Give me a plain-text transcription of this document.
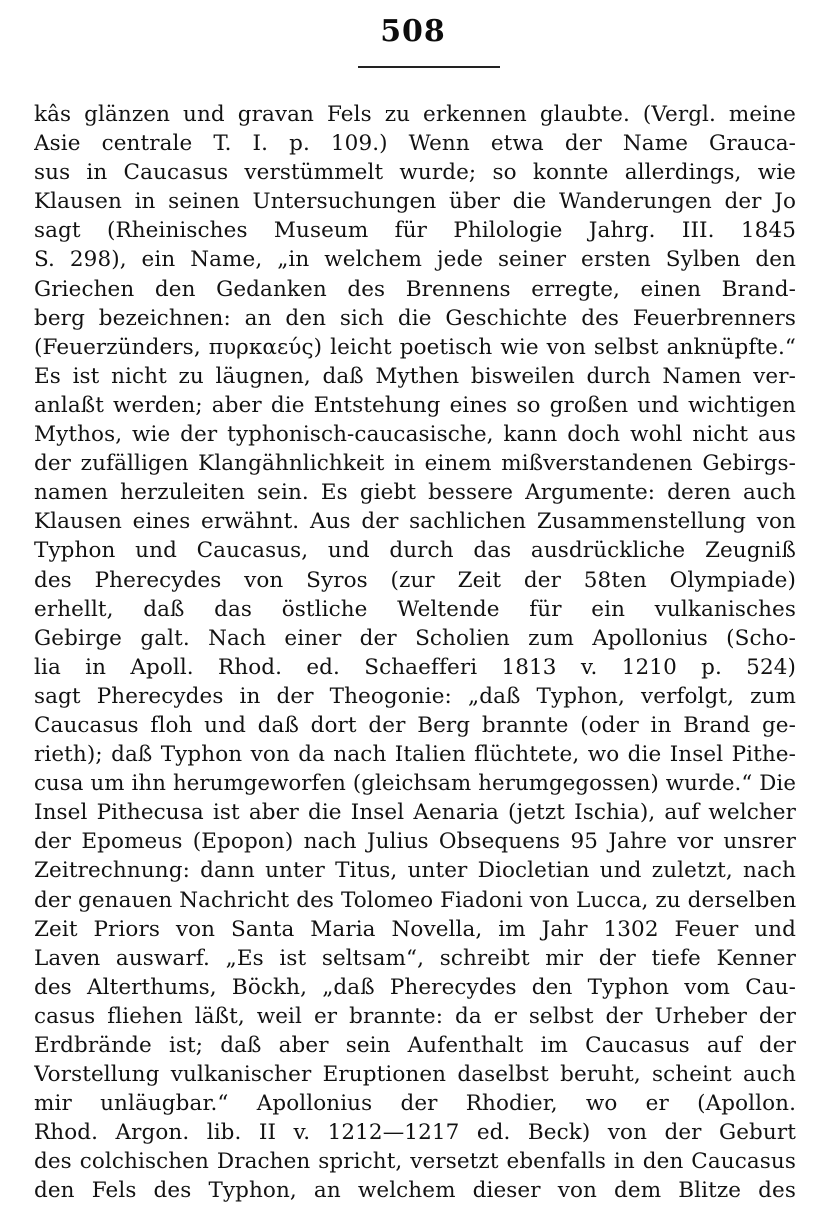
508
kâs glänzen und gravan Fels zu erkennen glaubte. (Vergl. meine
Asie centrale T. I. p. 109.) Wenn etwa der Name Grauca-
sus in Caucasus verstümmelt wurde; so konnte allerdings, wie
Klausen in seinen Untersuchungen über die Wanderungen der Jo
sagt (Rheinisches Museum für Philologie Jahrg. III. 1845
S. 298), ein Name, „in welchem jede seiner ersten Sylben den
Griechen den Gedanken des Brennens erregte, einen Brand-
berg bezeichnen: an den sich die Geschichte des Feuerbrenners
(Feuerzünders, πυρκαεύς) leicht poetisch wie von selbst anknüpfte.“
Es ist nicht zu läugnen, daß Mythen bisweilen durch Namen ver-
anlaßt werden; aber die Entstehung eines so großen und wichtigen
Mythos, wie der typhonisch-caucasische, kann doch wohl nicht aus
der zufälligen Klangähnlichkeit in einem mißverstandenen Gebirgs-
namen herzuleiten sein. Es giebt bessere Argumente: deren auch
Klausen eines erwähnt. Aus der sachlichen Zusammenstellung von
Typhon und Caucasus, und durch das ausdrückliche Zeugniß
des Pherecydes von Syros (zur Zeit der 58ten Olympiade)
erhellt, daß das östliche Weltende für ein vulkanisches
Gebirge galt. Nach einer der Scholien zum Apollonius (Scho-
lia in Apoll. Rhod. ed. Schaefferi 1813 v. 1210 p. 524)
sagt Pherecydes in der Theogonie: „daß Typhon, verfolgt, zum
Caucasus floh und daß dort der Berg brannte (oder in Brand ge-
rieth); daß Typhon von da nach Italien flüchtete, wo die Insel Pithe-
cusa um ihn herumgeworfen (gleichsam herumgegossen) wurde.“ Die
Insel Pithecusa ist aber die Insel Aenaria (jetzt Ischia), auf welcher
der Epomeus (Epopon) nach Julius Obsequens 95 Jahre vor unsrer
Zeitrechnung: dann unter Titus, unter Diocletian und zuletzt, nach
der genauen Nachricht des Tolomeo Fiadoni von Lucca, zu derselben
Zeit Priors von Santa Maria Novella, im Jahr 1302 Feuer und
Laven auswarf. „Es ist seltsam“, schreibt mir der tiefe Kenner
des Alterthums, Böckh, „daß Pherecydes den Typhon vom Cau-
casus fliehen läßt, weil er brannte: da er selbst der Urheber der
Erdbrände ist; daß aber sein Aufenthalt im Caucasus auf der
Vorstellung vulkanischer Eruptionen daselbst beruht, scheint auch
mir unläugbar.“ Apollonius der Rhodier, wo er (Apollon.
Rhod. Argon. lib. II v. 1212—1217 ed. Beck) von der Geburt
des colchischen Drachen spricht, versetzt ebenfalls in den Caucasus
den Fels des Typhon, an welchem dieser von dem Blitze des
